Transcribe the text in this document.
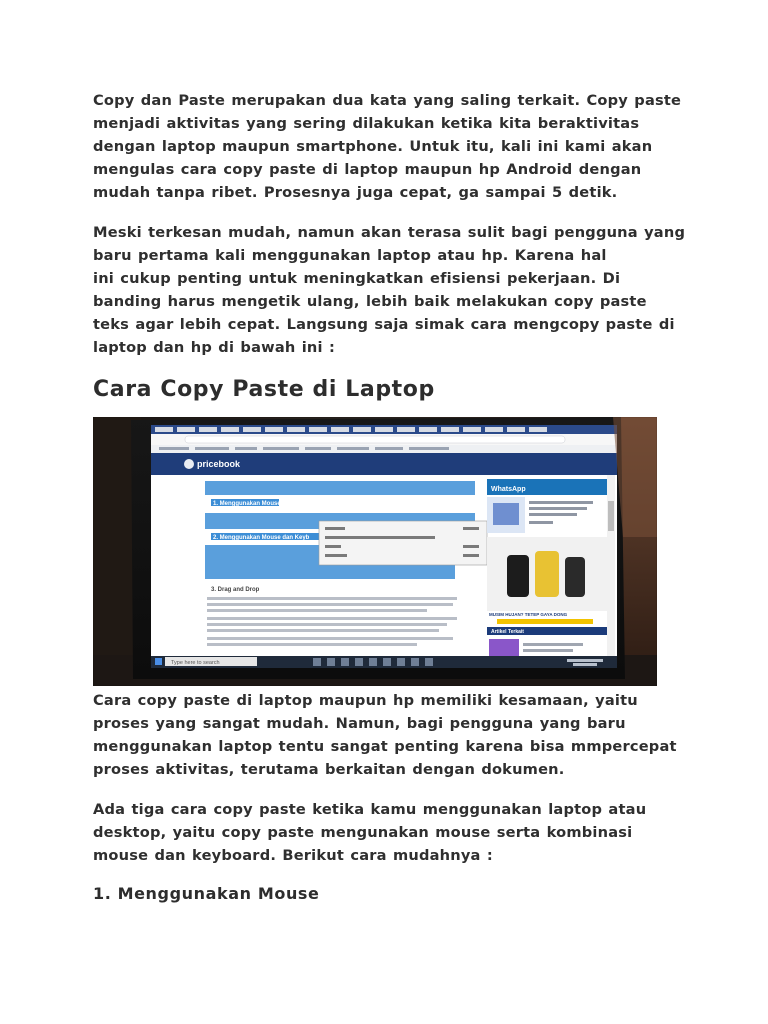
Copy dan Paste merupakan dua kata yang saling terkait. Copy paste
menjadi aktivitas yang sering dilakukan ketika kita beraktivitas
dengan laptop maupun smartphone. Untuk itu, kali ini kami akan
mengulas cara copy paste di laptop maupun hp Android dengan
mudah tanpa ribet. Prosesnya juga cepat, ga sampai 5 detik.

Meski terkesan mudah, namun akan terasa sulit bagi pengguna yang
baru pertama kali menggunakan laptop atau hp. Karena hal
ini cukup penting untuk meningkatkan efisiensi pekerjaan. Di
banding harus mengetik ulang, lebih baik melakukan copy paste
teks agar lebih cepat. Langsung saja simak cara mengcopy paste di
laptop dan hp di bawah ini :

Cara Copy Paste di Laptop
pricebook
1. Menggunakan Mouse
2. Menggunakan Mouse dan Keyb
3. Drag and Drop
WhatsApp
MUSIM HUJAN? TETEP GAYA DONG
Artikel Terkait
Type here to search

Cara copy paste di laptop maupun hp memiliki kesamaan, yaitu
proses yang sangat mudah. Namun, bagi pengguna yang baru
menggunakan laptop tentu sangat penting karena bisa mmpercepat
proses aktivitas, terutama berkaitan dengan dokumen.

Ada tiga cara copy paste ketika kamu menggunakan laptop atau
desktop, yaitu copy paste mengunakan mouse serta kombinasi
mouse dan keyboard. Berikut cara mudahnya :

1. Menggunakan Mouse
